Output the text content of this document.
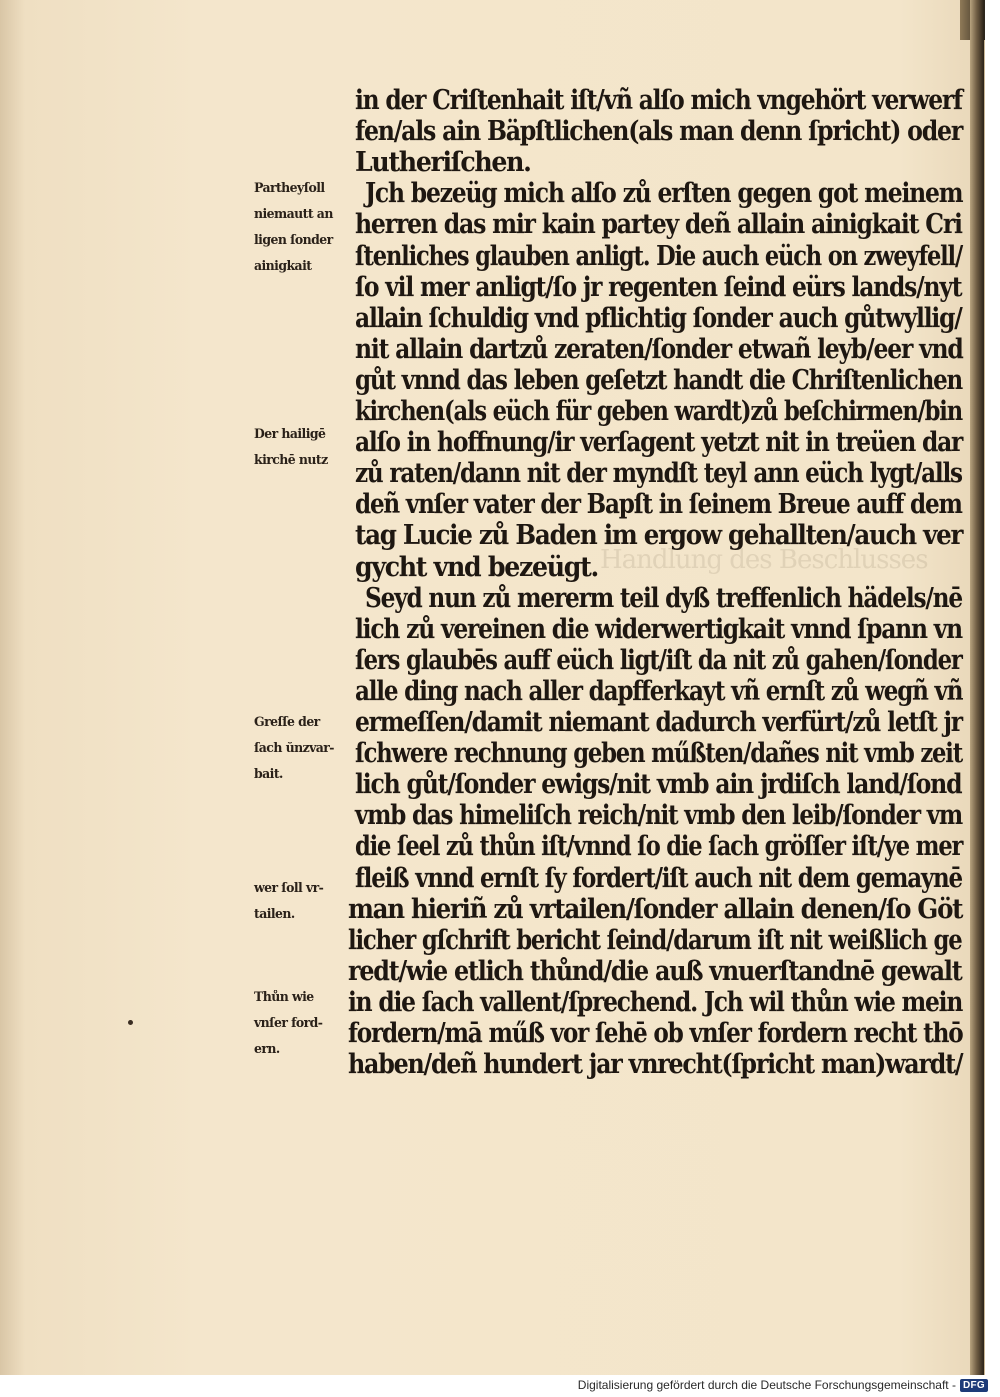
Handlung des Beschlusses
in der Criſtenhait iſt/vñ alſo mich vngehört verwerf
fen/als ain Bäpſtlichen(als man denn ſpricht) oder
Lutheriſchen.
Jch bezeüg mich alſo zů erſten gegen got meinem
herren das mir kain partey deñ allain ainigkait Cri
ſtenliches glauben anligt. Die auch eüch on zweyfell/
ſo vil mer anligt/ſo jr regenten ſeind eürs lands/nyt
allain ſchuldig vnd pflichtig ſonder auch gůtwyllig/
nit allain dartzů zeraten/ſonder etwañ leyb/eer vnd
gůt vnnd das leben geſetzt handt die Chriſtenlichen
kirchen(als eüch für geben wardt)zů beſchirmen/bin
alſo in hoffnung/ir verſagent yetzt nit in treüen dar
zů raten/dann nit der myndſt teyl ann eüch lygt/alls
deñ vnſer vater der Bapſt in ſeinem Breue auff dem
tag Lucie zů Baden im ergow gehallten/auch ver
gycht vnd bezeügt.
Seyd nun zů mererm teil dyß treffenlich hädels/nē
lich zů vereinen die widerwertigkait vnnd ſpann vn
ſers glaubēs auff eüch ligt/iſt da nit zů gahen/ſonder
alle ding nach aller dapfferkayt vñ ernſt zů wegñ vñ
ermeſſen/damit niemant dadurch verfürt/zů letſt jr
ſchwere rechnung geben műßten/dañes nit vmb zeit
lich gůt/ſonder ewigs/nit vmb ain jrdiſch land/ſond
vmb das himeliſch reich/nit vmb den leib/ſonder vm
die ſeel zů thůn iſt/vnnd ſo die ſach gröſſer iſt/ye mer
fleiß vnnd ernſt ſy fordert/iſt auch nit dem gemaynē
man hieriñ zů vrtailen/ſonder allain denen/ſo Göt
licher gſchrift bericht ſeind/darum iſt nit weißlich ge
redt/wie etlich thůnd/die auß vnuerſtandnē gewalt
in die ſach vallent/ſprechend. Jch wil thůn wie mein
fordern/mā műß vor ſehē ob vnſer fordern recht thō
haben/deñ hundert jar vnrecht(ſpricht man)wardt/
Partheyſoll
niemautt an
ligen ſonder
ainigkait
Der hailigē
kirchē nutz
Greſſe der
ſach ŭnzvar-
bait.
wer ſoll vr-
tailen.
Thůn wie
vnſer ford-
ern.
Digitalisierung gefördert durch die Deutsche Forschungsgemeinschaft - DFG
